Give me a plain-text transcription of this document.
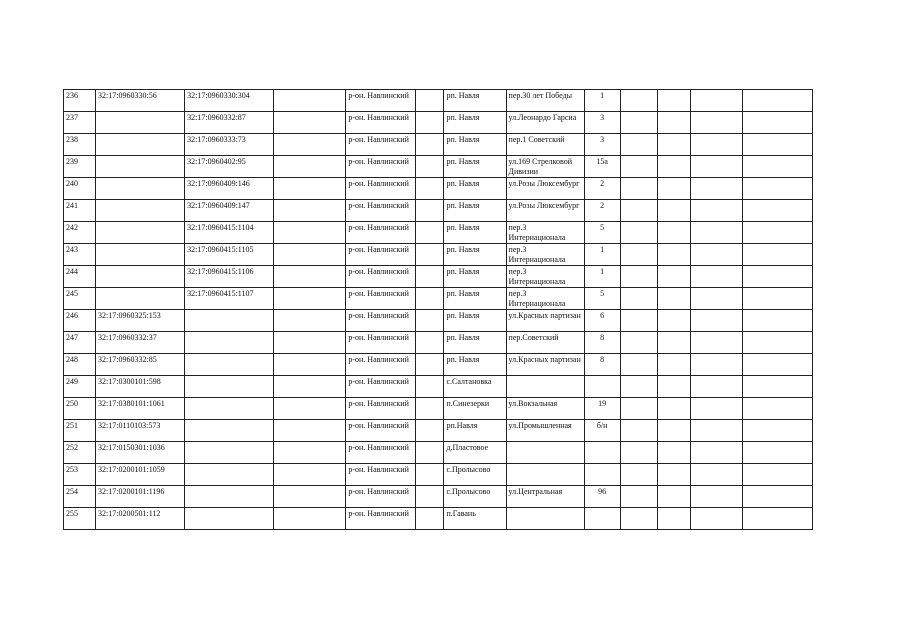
236	32:17:0960330:56	32:17:0960330:304		р-он. Навлинский		рп. Навля	пер.30 лет Победы	1				
237		32:17:0960332:87		р-он. Навлинский		рп. Навля	ул.Леонардо Гарсиа	3				
238		32:17:0960333:73		р-он. Навлинский		рп. Навля	пер.1 Советский	3				
239		32:17:0960402:95		р-он. Навлинский		рп. Навля	ул.169 Стрелковой Дивизии	15а				
240		32:17:0960409:146		р-он. Навлинский		рп. Навля	ул.Розы Люксембург	2				
241		32:17:0960409:147		р-он. Навлинский		рп. Навля	ул.Розы Люксембург	2				
242		32:17:0960415:1104		р-он. Навлинский		рп. Навля	пер.3 Интернационала	5				
243		32:17:0960415:1105		р-он. Навлинский		рп. Навля	пер.3 Интернационала	1				
244		32:17:0960415:1106		р-он. Навлинский		рп. Навля	пер.3 Интернационала	1				
245		32:17:0960415:1107		р-он. Навлинский		рп. Навля	пер.3 Интернационала	5				
246	32:17:0960325:153			р-он. Навлинский		рп. Навля	ул.Красных партизан	6				
247	32:17:0960332:37			р-он. Навлинский		рп. Навля	пер.Советский	8				
248	32:17:0960332:85			р-он. Навлинский		рп. Навля	ул.Красных партизан	8				
249	32:17:0300101:598			р-он. Навлинский		с.Салтановка						
250	32:17:0380101:1061			р-он. Навлинский		п.Синезерки	ул.Вокзальная	19				
251	32:17:0110103:573			р-он. Навлинский		рп.Навля	ул.Промышленная	б/н				
252	32:17:0150301:1036			р-он. Навлинский		д.Пластовое						
253	32:17:0200101:1059			р-он. Навлинский		с.Пролысово						
254	32:17:0200101:1196			р-он. Навлинский		с.Пролысово	ул.Центральная	96				
255	32:17:0200501:112			р-он. Навлинский		п.Гавань						
